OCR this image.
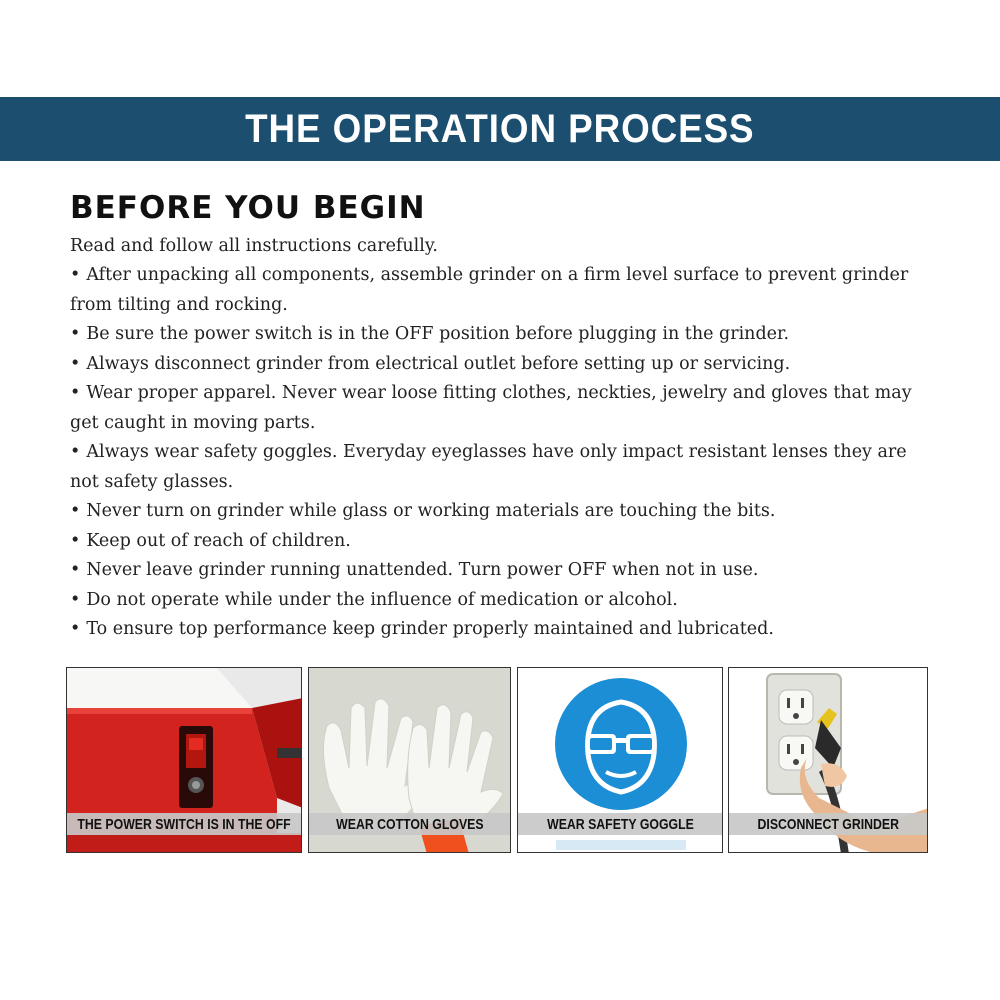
THE OPERATION PROCESS
BEFORE YOU BEGIN

Read and follow all instructions carefully.

• After unpacking all components, assemble grinder on a firm level surface to prevent grinder from tilting and rocking.
• Be sure the power switch is in the OFF position before plugging in the grinder.
• Always disconnect grinder from electrical outlet before setting up or servicing.
• Wear proper apparel. Never wear loose fitting clothes, neckties, jewelry and gloves that may get caught in moving parts.
• Always wear safety goggles. Everyday eyeglasses have only impact resistant lenses they are not safety glasses.
• Never turn on grinder while glass or working materials are touching the bits.
• Keep out of reach of children.
• Never leave grinder running unattended. Turn power OFF when not in use.
• Do not operate while under the influence of medication or alcohol.
• To ensure top performance keep grinder properly maintained and lubricated.
THE POWER SWITCH IS IN THE OFF	WEAR COTTON GLOVES	WEAR SAFETY GOGGLE	DISCONNECT GRINDER
